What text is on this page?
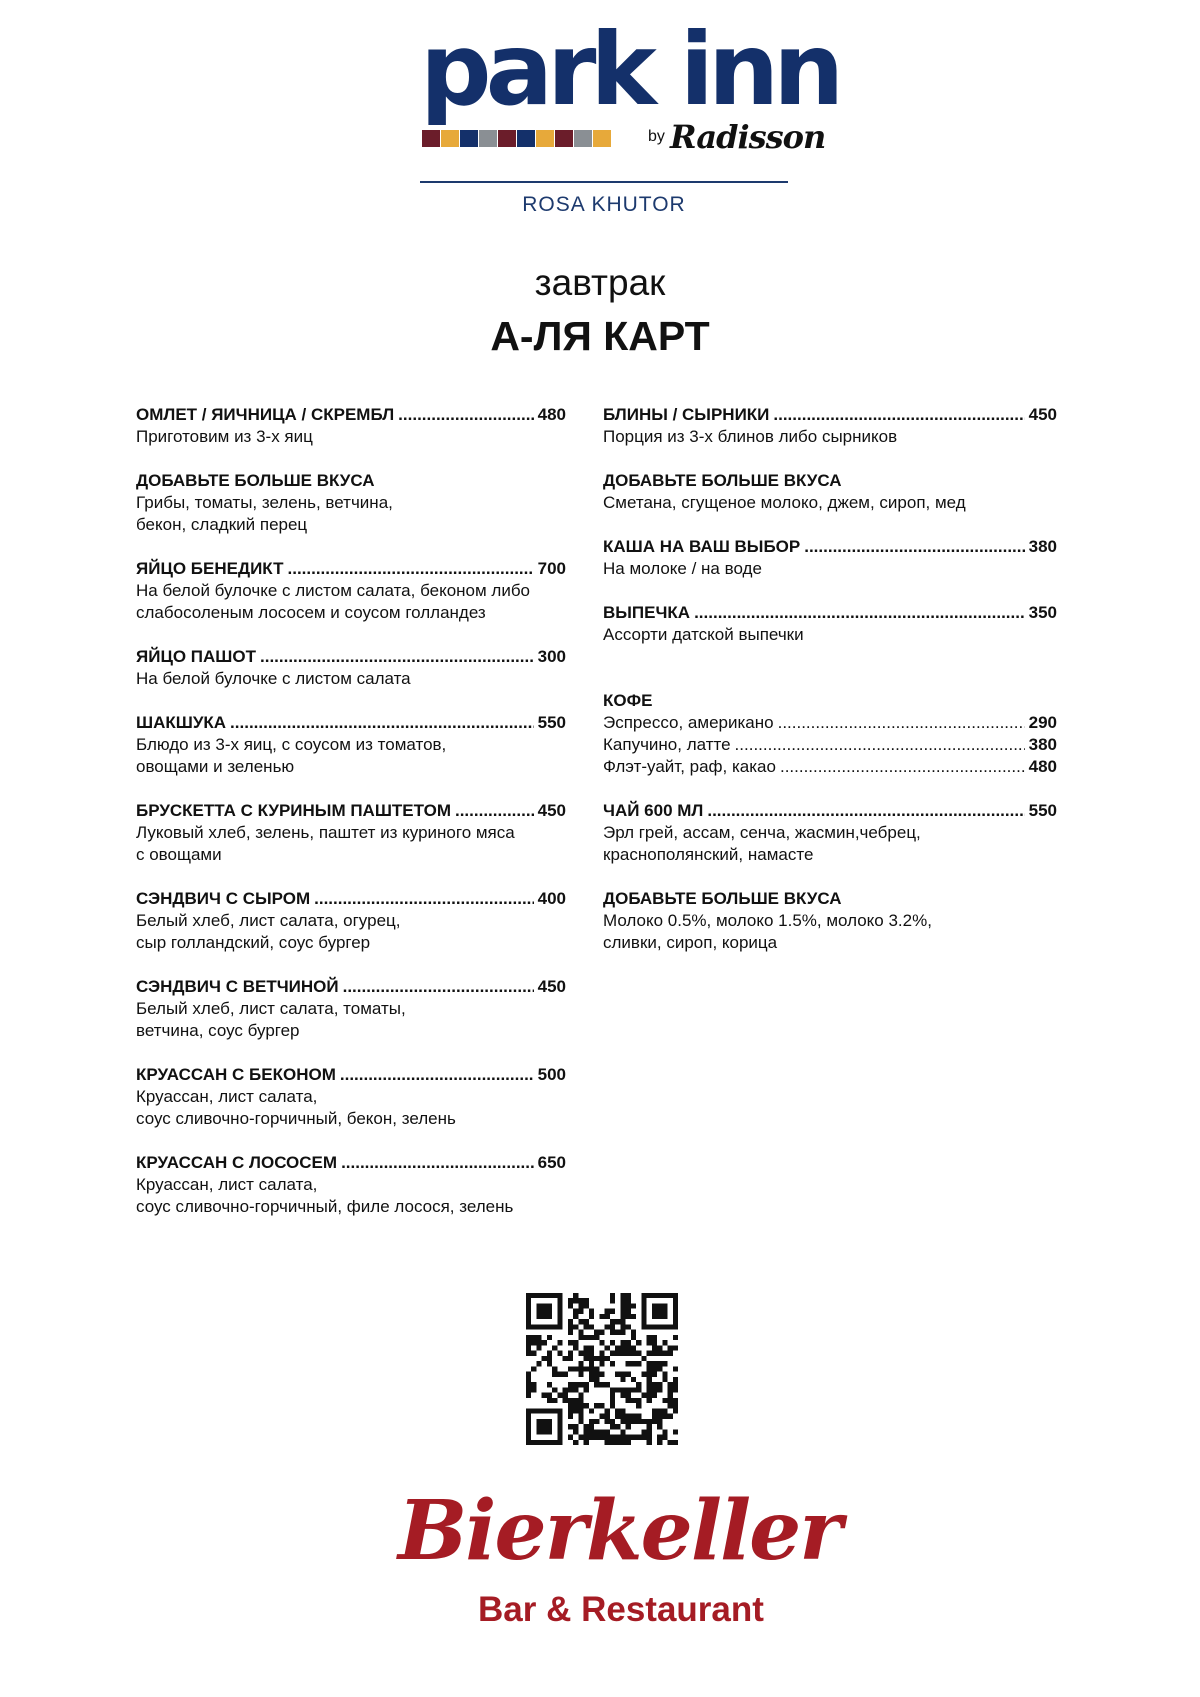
park inn
by Radisson
ROSA KHUTOR
завтрак
А-ЛЯ КАРТ
ОМЛЕТ / ЯИЧНИЦА / СКРЕМБЛ .....	480
Приготовим из 3-х яиц
ДОБАВЬТЕ БОЛЬШЕ ВКУСА
Грибы, томаты, зелень, ветчина,
бекон, сладкий перец
ЯЙЦО БЕНЕДИКТ .....	700
На белой булочке с листом салата, беконом либо
слабосоленым лососем и соусом голландез
ЯЙЦО ПАШОТ .....	300
На белой булочке с листом салата
ШАКШУКА .....	550
Блюдо из 3-х яиц, с соусом из томатов,
овощами и зеленью
БРУСКЕТТА С КУРИНЫМ ПАШТЕТОМ .....	450
Луковый хлеб, зелень, паштет из куриного мяса
с овощами
СЭНДВИЧ С СЫРОМ .....	400
Белый хлеб, лист салата, огурец,
сыр голландский, соус бургер
СЭНДВИЧ С ВЕТЧИНОЙ .....	450
Белый хлеб, лист салата, томаты,
ветчина, соус бургер
КРУАССАН С БЕКОНОМ .....	500
Круассан, лист салата,
соус сливочно-горчичный, бекон, зелень
КРУАССАН С ЛОСОСЕМ .....	650
Круассан, лист салата,
соус сливочно-горчичный, филе лосося, зелень
БЛИНЫ / СЫРНИКИ .....	450
Порция из 3-х блинов либо сырников
ДОБАВЬТЕ БОЛЬШЕ ВКУСА
Сметана, сгущеное молоко, джем, сироп, мед
КАША НА ВАШ ВЫБОР .....	380
На молоке / на воде
ВЫПЕЧКА .....	350
Ассорти датской выпечки
КОФЕ
Эспрессо, американо .....	290
Капучино, латте .....	380
Флэт-уайт, раф, какао .....	480
ЧАЙ 600 МЛ .....	550
Эрл грей, ассам, сенча, жасмин,чебрец,
краснополянский, намасте
ДОБАВЬТЕ БОЛЬШЕ ВКУСА
Молоко 0.5%, молоко 1.5%, молоко 3.2%,
сливки, сироп, корица
Bierkeller
Bar & Restaurant
